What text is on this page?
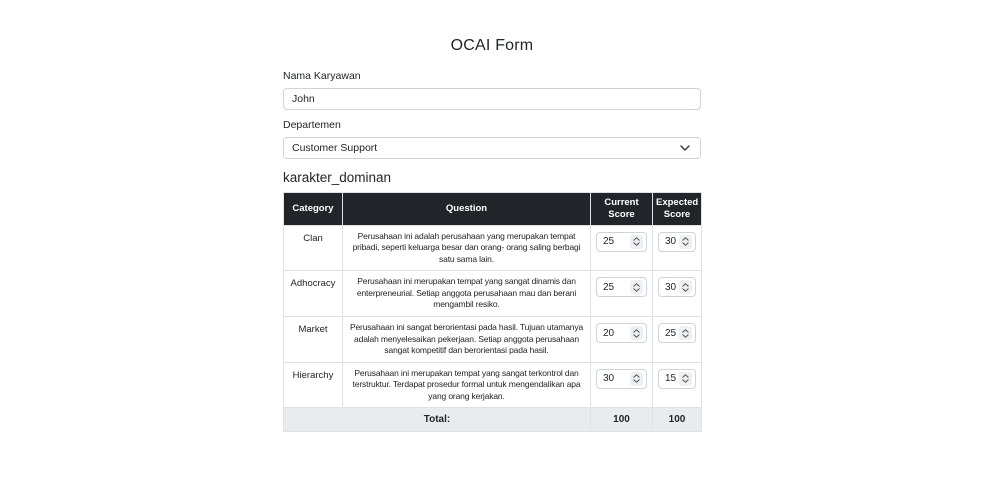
OCAI Form
Nama Karyawan
John
Departemen
Customer Support
karakter_dominan
Category	Question	Current Score	Expected Score
Clan	Perusahaan ini adalah perusahaan yang merupakan tempat pribadi, seperti keluarga besar dan orang- orang saling berbagi satu sama lain.	25	30

Adhocracy	Perusahaan ini merupakan tempat yang sangat dinamis dan enterpreneurial. Setiap anggota perusahaan mau dan berani mengambil resiko.	25	30

Market	Perusahaan ini sangat berorientasi pada hasil. Tujuan utamanya adalah menyelesaikan pekerjaan. Setiap anggota perusahaan sangat kompetitif dan berorientasi pada hasil.	20	25

Hierarchy	Perusahaan ini merupakan tempat yang sangat terkontrol dan terstruktur. Terdapat prosedur formal untuk mengendalikan apa yang orang kerjakan.	30	15

Total:		100	100
